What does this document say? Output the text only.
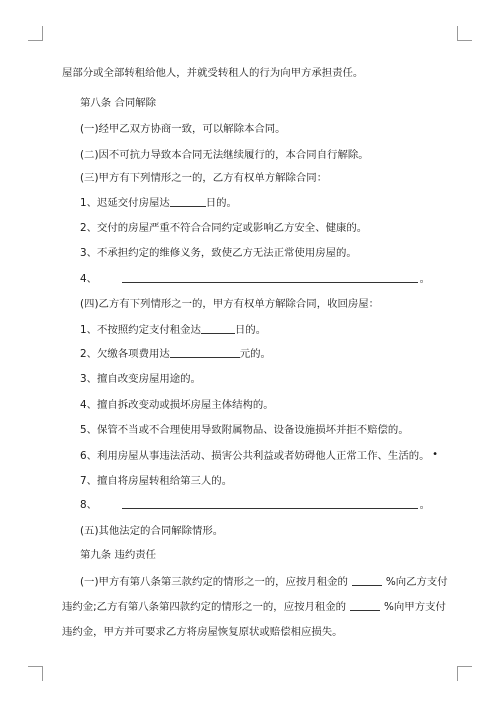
屋部分或全部转租给他人，并就受转租人的行为向甲方承担责任。
第八条 合同解除
(一)经甲乙双方协商一致，可以解除本合同。
(二)因不可抗力导致本合同无法继续履行的，本合同自行解除。
(三)甲方有下列情形之一的，乙方有权单方解除合同：
1、迟延交付房屋达	日的。
2、交付的房屋严重不符合合同约定或影响乙方安全、健康的。
3、不承担约定的维修义务，致使乙方无法正常使用房屋的。
4、	。
(四)乙方有下列情形之一的，甲方有权单方解除合同，收回房屋：
1、不按照约定支付租金达	日的。
2、欠缴各项费用达	元的。
3、擅自改变房屋用途的。
4、擅自拆改变动或损坏房屋主体结构的。
5、保管不当或不合理使用导致附属物品、设备设施损坏并拒不赔偿的。
6、利用房屋从事违法活动、损害公共利益或者妨碍他人正常工作、生活的。 •
7、擅自将房屋转租给第三人的。
8、	。
(五)其他法定的合同解除情形。
第九条 违约责任
(一)甲方有第八条第三款约定的情形之一的，应按月租金的	%向乙方支付
违约金;乙方有第八条第四款约定的情形之一的，应按月租金的	%向甲方支付
违约金，甲方并可要求乙方将房屋恢复原状或赔偿相应损失。
